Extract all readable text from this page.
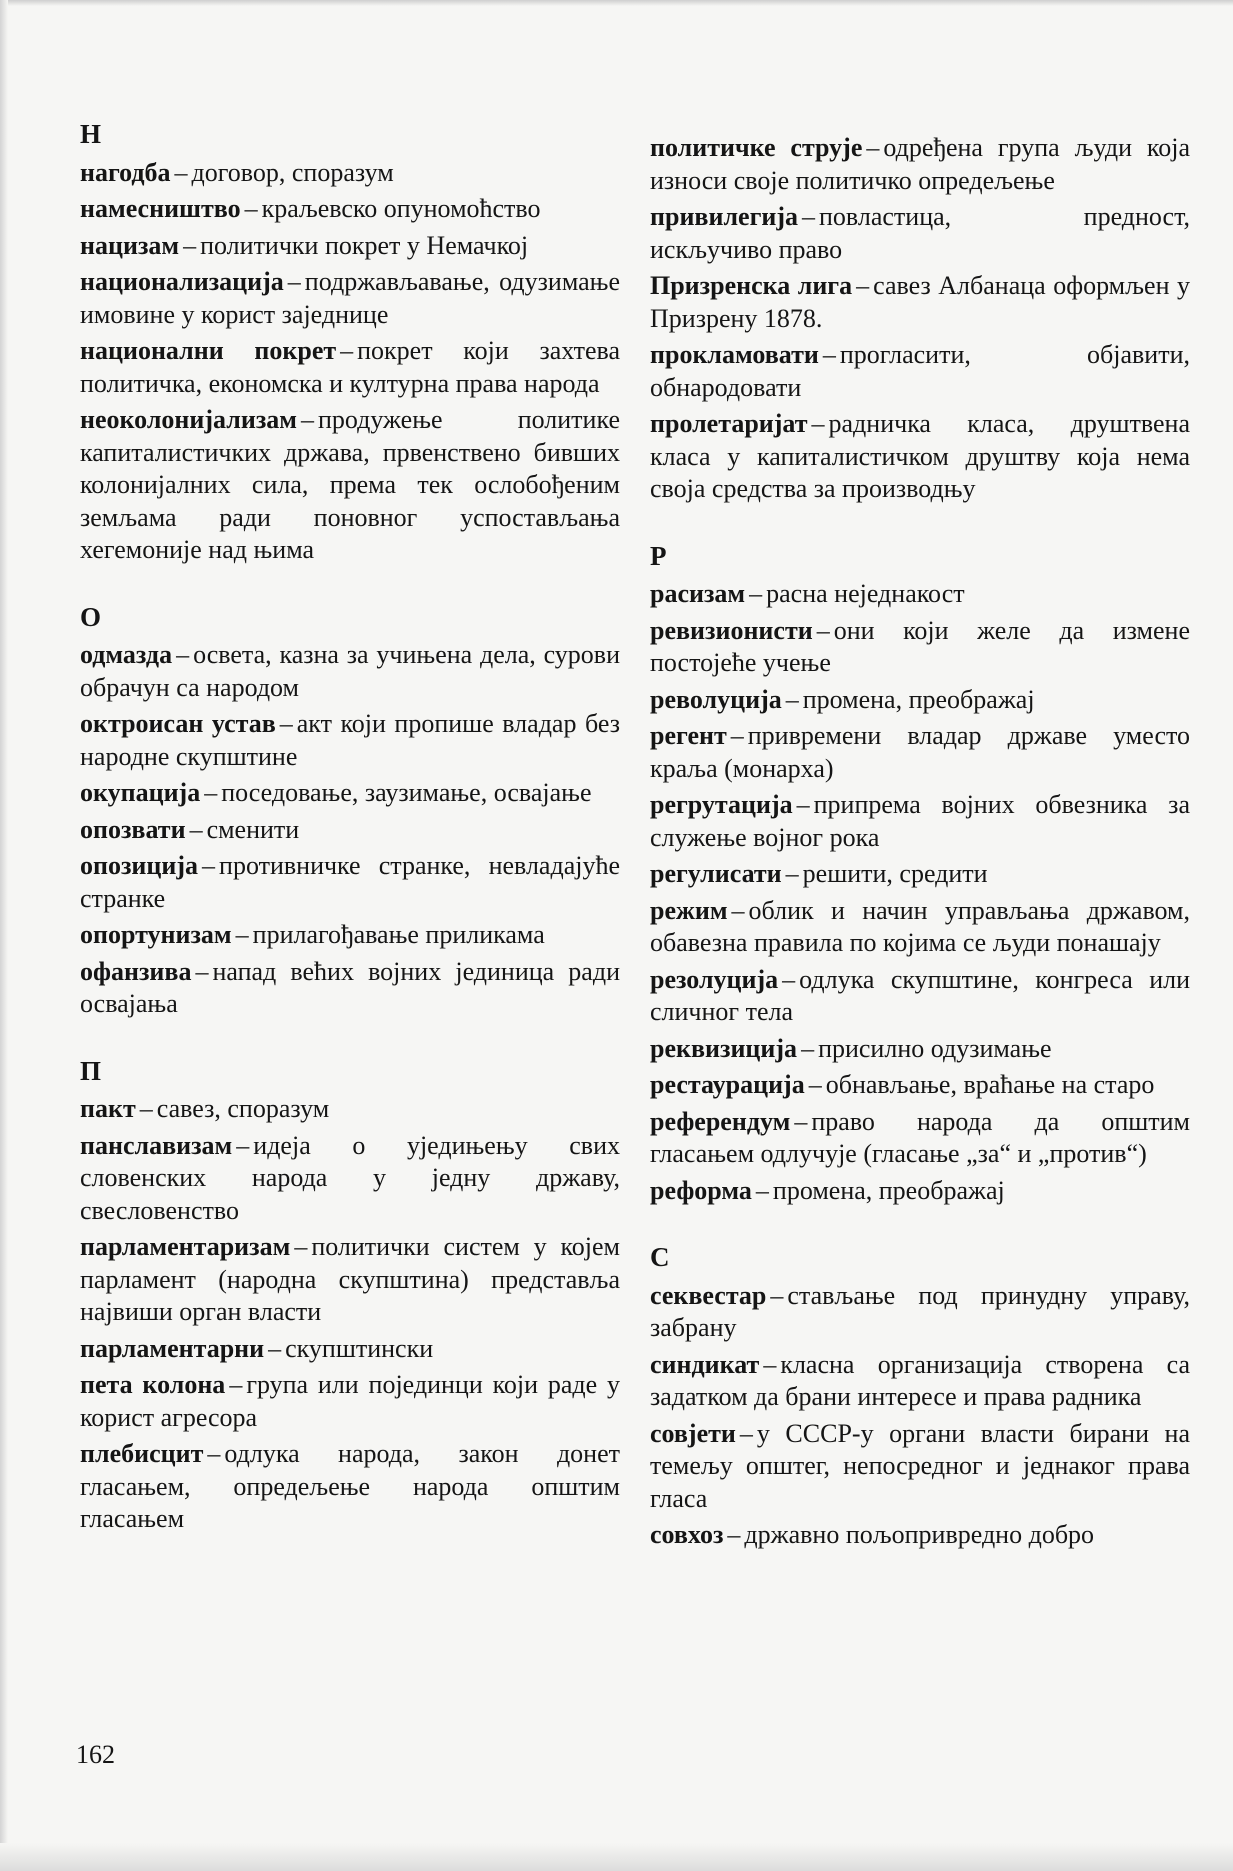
Н
нагодба – договор, споразум
намесништво – краљевско опуномоћство
нацизам – политички покрет у Немачкој
национализација – подржављавање, одузимање имовине у корист заједнице
национални покрет – покрет који захтева политичка, економска и културна права народа
неоколонијализам – продужење политике капиталистичких држава, првенствено бивших колонијалних сила, према тек ослобођеним земљама ради поновног успостављања хегемоније над њима
О
одмазда – освета, казна за учињена дела, сурови обрачун са народом
октроисан устав – акт који пропише владар без народне скупштине
окупација – поседовање, заузимање, освајање
опозвати – сменити
опозиција – противничке странке, невладајуће странке
опортунизам – прилагођавање приликама
офанзива – напад већих војних јединица ради освајања
П
пакт – савез, споразум
панславизам – идеја о уједињењу свих словенских народа у једну државу, свесловенство
парламентаризам – политички систем у којем парламент (народна скупштина) представља највиши орган власти
парламентарни – скупштински
пета колона – група или појединци који раде у корист агресора
плебисцит – одлука народа, закон донет гласањем, опредељење народа општим гласањем
политичке струје – одређена група људи која износи своје политичко опредељење
привилегија – повластица, предност, искључиво право
Призренска лига – савез Албанаца оформљен у Призрену 1878.
прокламовати – прогласити, објавити, обнародовати
пролетаријат – радничка класа, друштвена класа у капиталистичком друштву која нема своја средства за производњу
Р
расизам – расна неједнакост
ревизионисти – они који желе да измене постојеће учење
револуција – промена, преображај
регент – привремени владар државе уместо краља (монарха)
регрутација – припрема војних обвезника за служење војног рока
регулисати – решити, средити
режим – облик и начин управљања државом, обавезна правила по којима се људи понашају
резолуција – одлука скупштине, конгреса или сличног тела
реквизиција – присилно одузимање
рестаурација – обнављање, враћање на старо
референдум – право народа да општим гласањем одлучује (гласање „за“ и „против“)
реформа – промена, преображај
С
секвестар – стављање под принудну управу, забрану
синдикат – класна организација створена са задатком да брани интересе и права радника
совјети – у СССР-у органи власти бирани на темељу општег, непосредног и једнаког права гласа
совхоз – државно пољопривредно добро
162
